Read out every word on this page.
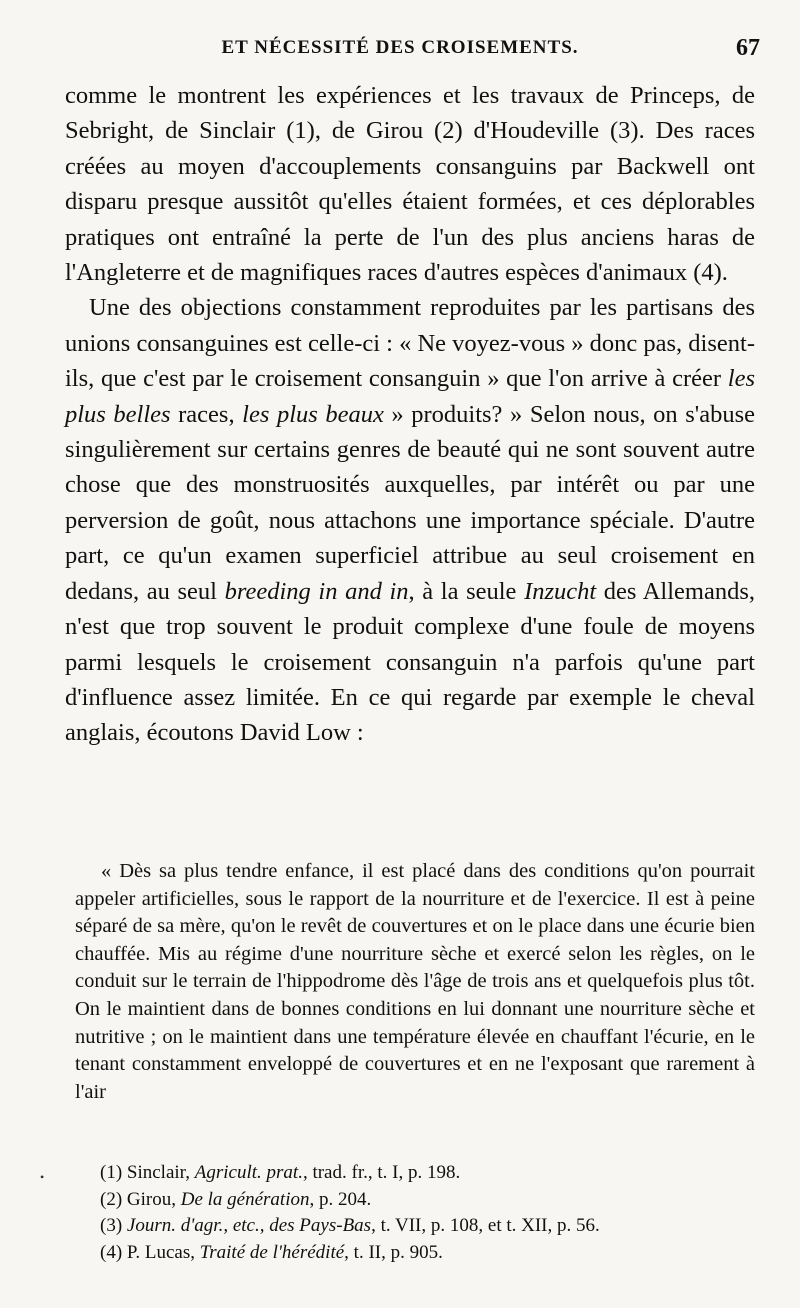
ET NÉCESSITÉ DES CROISEMENTS.	67

comme le montrent les expériences et les travaux de Princeps, de Sebright, de Sinclair (1), de Girou (2) d'Houdeville (3). Des races créées au moyen d'accouplements consanguins par Backwell ont disparu presque aussitôt qu'elles étaient formées, et ces déplorables pratiques ont entraîné la perte de l'un des plus anciens haras de l'Angleterre et de magnifiques races d'autres espèces d'animaux (4).

Une des objections constamment reproduites par les partisans des unions consanguines est celle-ci : « Ne voyez-vous » donc pas, disent-ils, que c'est par le croisement consanguin » que l'on arrive à créer les plus belles races, les plus beaux » produits? » Selon nous, on s'abuse singulièrement sur certains genres de beauté qui ne sont souvent autre chose que des monstruosités auxquelles, par intérêt ou par une perversion de goût, nous attachons une importance spéciale. D'autre part, ce qu'un examen superficiel attribue au seul croisement en dedans, au seul breeding in and in, à la seule Inzucht des Allemands, n'est que trop souvent le produit complexe d'une foule de moyens parmi lesquels le croisement consanguin n'a parfois qu'une part d'influence assez limitée. En ce qui regarde par exemple le cheval anglais, écoutons David Low :

« Dès sa plus tendre enfance, il est placé dans des conditions qu'on pourrait appeler artificielles, sous le rapport de la nourriture et de l'exercice. Il est à peine séparé de sa mère, qu'on le revêt de couvertures et on le place dans une écurie bien chauffée. Mis au régime d'une nourriture sèche et exercé selon les règles, on le conduit sur le terrain de l'hippodrome dès l'âge de trois ans et quelquefois plus tôt. On le maintient dans de bonnes conditions en lui donnant une nourriture sèche et nutritive ; on le maintient dans une température élevée en chauffant l'écurie, en le tenant constamment enveloppé de couvertures et en ne l'exposant que rarement à l'air

•	(1) Sinclair, Agricult. prat., trad. fr., t. I, p. 198.

(2) Girou, De la génération, p. 204.

(3) Journ. d'agr., etc., des Pays-Bas, t. VII, p. 108, et t. XII, p. 56.

(4) P. Lucas, Traité de l'hérédité, t. II, p. 905.
